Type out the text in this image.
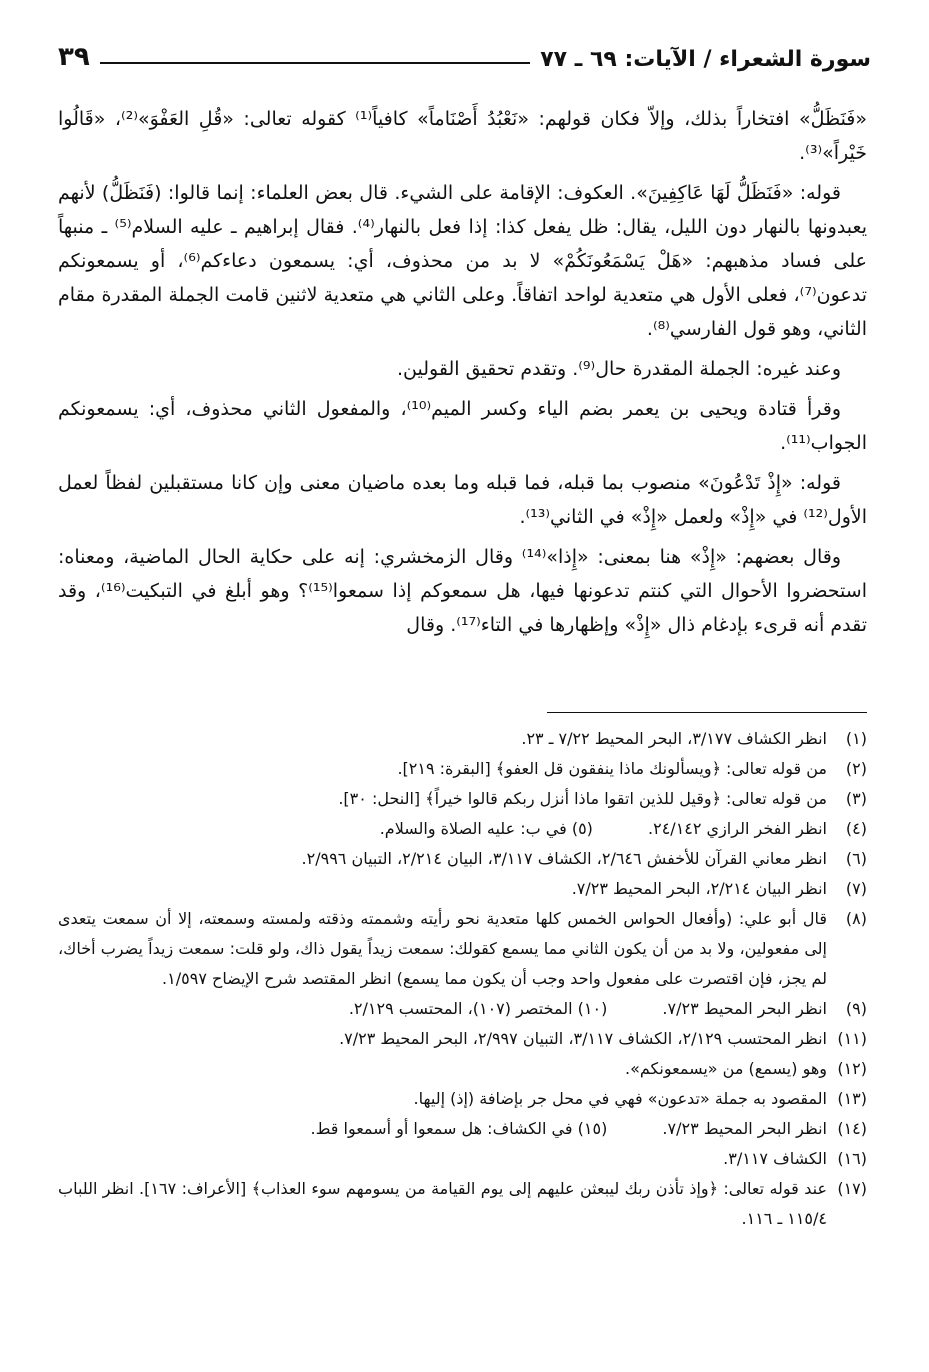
سورة الشعراء / الآيات: ٦٩ ـ ٧٧
٣٩

«فَنَظَلُّ» افتخاراً بذلك، وإلاّ فكان قولهم: «نَعْبُدُ أَصْنَاماً» كافياً⁽¹⁾ كقوله تعالى: «قُلِ العَفْوَ»⁽²⁾، «قَالُوا خَيْراً»⁽³⁾.

قوله: «فَنَظَلُّ لَهَا عَاكِفِينَ». العكوف: الإقامة على الشيء. قال بعض العلماء: إنما قالوا: (فَنَظَلُّ) لأنهم يعبدونها بالنهار دون الليل، يقال: ظل يفعل كذا: إذا فعل بالنهار⁽⁴⁾. فقال إبراهيم ـ عليه السلام⁽⁵⁾ ـ منبهاً على فساد مذهبهم: «هَلْ يَسْمَعُونَكُمْ» لا بد من محذوف، أي: يسمعون دعاءكم⁽⁶⁾، أو يسمعونكم تدعون⁽⁷⁾، فعلى الأول هي متعدية لواحد اتفاقاً. وعلى الثاني هي متعدية لاثنين قامت الجملة المقدرة مقام الثاني، وهو قول الفارسي⁽⁸⁾.

وعند غيره: الجملة المقدرة حال⁽⁹⁾. وتقدم تحقيق القولين.

وقرأ قتادة ويحيى بن يعمر بضم الياء وكسر الميم⁽¹⁰⁾، والمفعول الثاني محذوف، أي: يسمعونكم الجواب⁽¹¹⁾.

قوله: «إِذْ تَدْعُونَ» منصوب بما قبله، فما قبله وما بعده ماضيان معنى وإن كانا مستقبلين لفظاً لعمل الأول⁽¹²⁾ في «إِذْ» ولعمل «إِذْ» في الثاني⁽¹³⁾.

وقال بعضهم: «إِذْ» هنا بمعنى: «إِذا»⁽¹⁴⁾ وقال الزمخشري: إنه على حكاية الحال الماضية، ومعناه: استحضروا الأحوال التي كنتم تدعونها فيها، هل سمعوكم إذا سمعوا⁽¹⁵⁾؟ وهو أبلغ في التبكيت⁽¹⁶⁾، وقد تقدم أنه قرىء بإدغام ذال «إِذْ» وإظهارها في التاء⁽¹⁷⁾. وقال

(١)
انظر الكشاف ٣/١٧٧، البحر المحيط ٧/٢٢ ـ ٢٣.
(٢)
من قوله تعالى: ﴿ويسألونك ماذا ينفقون قل العفو﴾ [البقرة: ٢١٩].
(٣)
من قوله تعالى: ﴿وقيل للذين اتقوا ماذا أنزل ربكم قالوا خيراً﴾ [النحل: ٣٠].
(٤)
انظر الفخر الرازي ٢٤/١٤٢. (٥) في ب: عليه الصلاة والسلام.
(٦)
انظر معاني القرآن للأخفش ٢/٦٤٦، الكشاف ٣/١١٧، البيان ٢/٢١٤، التبيان ٢/٩٩٦.
(٧)
انظر البيان ٢/٢١٤، البحر المحيط ٧/٢٣.
(٨)
قال أبو علي: (وأفعال الحواس الخمس كلها متعدية نحو رأيته وشممته وذقته ولمسته وسمعته، إلا أن سمعت يتعدى إلى مفعولين، ولا بد من أن يكون الثاني مما يسمع كقولك: سمعت زيداً يقول ذاك، ولو قلت: سمعت زيداً يضرب أخاك، لم يجز، فإن اقتصرت على مفعول واحد وجب أن يكون مما يسمع) انظر المقتصد شرح الإيضاح ١/٥٩٧.
(٩)
انظر البحر المحيط ٧/٢٣. (١٠) المختصر (١٠٧)، المحتسب ٢/١٢٩.
(١١)
انظر المحتسب ٢/١٢٩، الكشاف ٣/١١٧، التبيان ٢/٩٩٧، البحر المحيط ٧/٢٣.
(١٢)
وهو (يسمع) من «يسمعونكم».
(١٣)
المقصود به جملة «تدعون» فهي في محل جر بإضافة (إذ) إليها.
(١٤)
انظر البحر المحيط ٧/٢٣. (١٥) في الكشاف: هل سمعوا أو أسمعوا قط.
(١٦)
الكشاف ٣/١١٧.
(١٧)
عند قوله تعالى: ﴿وإذ تأذن ربك ليبعثن عليهم إلى يوم القيامة من يسومهم سوء العذاب﴾ [الأعراف: ١٦٧]. انظر اللباب ١١٥/٤ ـ ١١٦.
